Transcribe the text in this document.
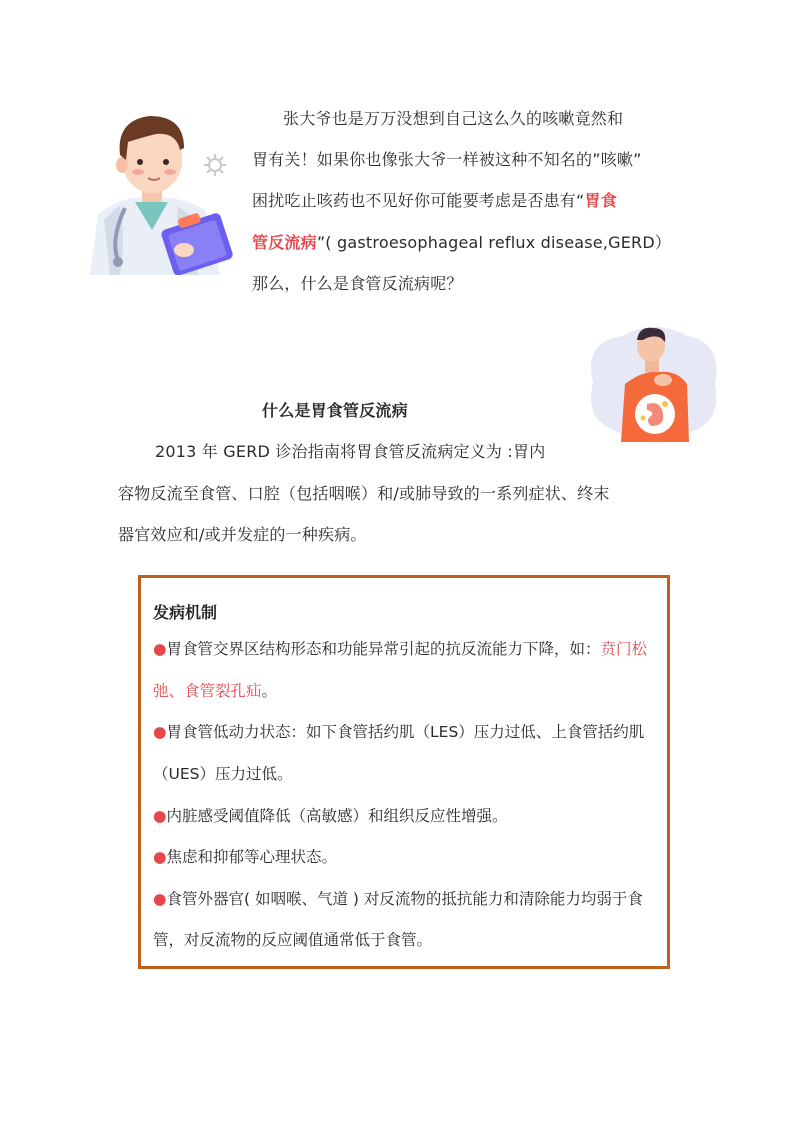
张大爷也是万万没想到自己这么久的咳嗽竟然和
胃有关！如果你也像张大爷一样被这种不知名的”咳嗽”
困扰吃止咳药也不见好你可能要考虑是否患有“胃食
管反流病”( gastroesophageal reflux disease,GERD）
那么，什么是食管反流病呢？
什么是胃食管反流病
2013 年 GERD 诊治指南将胃食管反流病定义为 :胃内
容物反流至食管、口腔（包括咽喉）和/或肺导致的一系列症状、终末
器官效应和/或并发症的一种疾病。
发病机制
●胃食管交界区结构形态和功能异常引起的抗反流能力下降，如：贲门松
弛、食管裂孔疝。
●胃食管低动力状态：如下食管括约肌（LES）压力过低、上食管括约肌
（UES）压力过低。
●内脏感受阈值降低（高敏感）和组织反应性增强。
●焦虑和抑郁等心理状态。
●食管外器官( 如咽喉、气道 ) 对反流物的抵抗能力和清除能力均弱于食
管，对反流物的反应阈值通常低于食管。
